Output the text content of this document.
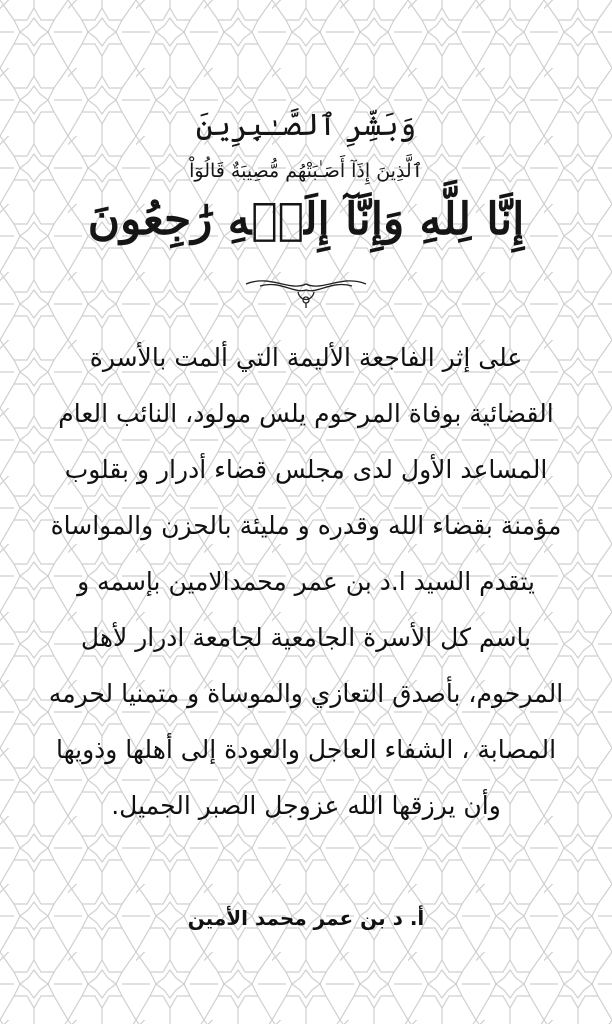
وَبَشِّرِ ٱلصَّـٰبِرِينَ
ٱلَّذِينَ إِذَآ أَصَـٰبَتْهُم مُّصِيبَةٌ قَالُوٓاْ
إِنَّا لِلَّهِ وَإِنَّآ إِلَيۡهِ رَٰجِعُونَ
على إثر الفاجعة الأليمة التي ألمت بالأسرة
القضائية بوفاة المرحوم يلس مولود، النائب العام
المساعد الأول لدى مجلس قضاء أدرار و بقلوب
مؤمنة بقضاء الله وقدره و مليئة بالحزن والمواساة
يتقدم السيد ا.د بن عمر محمدالامين بإسمه و
باسم كل الأسرة الجامعية لجامعة ادرار لأهل
المرحوم، بأصدق التعازي والموساة و متمنيا لحرمه
المصابة ، الشفاء العاجل والعودة إلى أهلها وذويها
وأن يرزقها الله عزوجل الصبر الجميل.
أ. د بن عمر محمد الأمين
